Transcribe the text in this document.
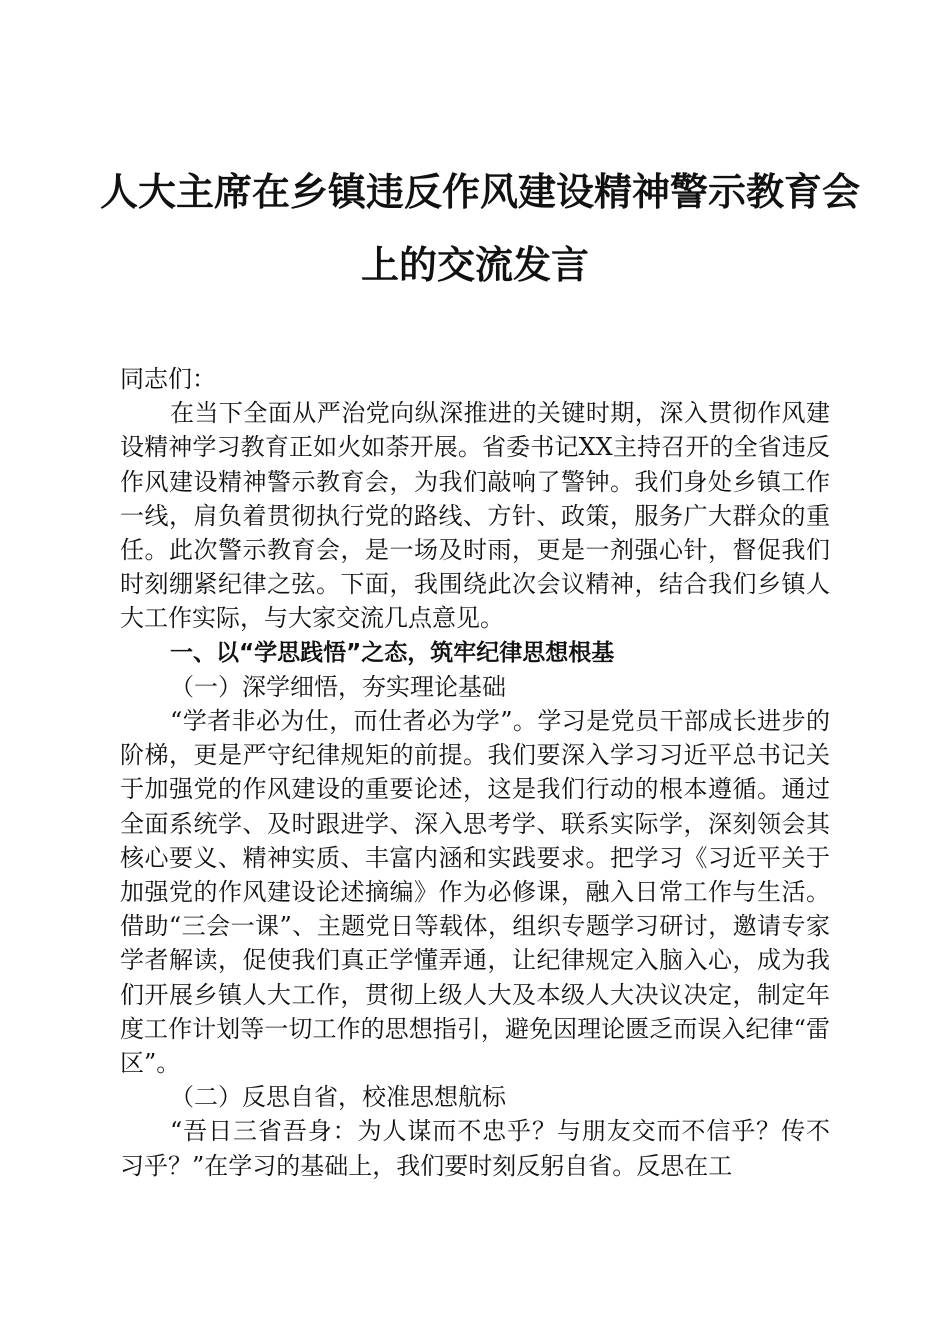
人大主席在乡镇违反作风建设精神警示教育会
上的交流发言

同志们：

在当下全面从严治党向纵深推进的关键时期，深入贯彻作风建设精神学习教育正如火如荼开展。省委书记XX主持召开的全省违反作风建设精神警示教育会，为我们敲响了警钟。我们身处乡镇工作一线，肩负着贯彻执行党的路线、方针、政策，服务广大群众的重任。此次警示教育会，是一场及时雨，更是一剂强心针，督促我们时刻绷紧纪律之弦。下面，我围绕此次会议精神，结合我们乡镇人大工作实际，与大家交流几点意见。

一、以“学思践悟”之态，筑牢纪律思想根基

（一）深学细悟，夯实理论基础

“学者非必为仕，而仕者必为学”。学习是党员干部成长进步的阶梯，更是严守纪律规矩的前提。我们要深入学习习近平总书记关于加强党的作风建设的重要论述，这是我们行动的根本遵循。通过全面系统学、及时跟进学、深入思考学、联系实际学，深刻领会其核心要义、精神实质、丰富内涵和实践要求。把学习《习近平关于加强党的作风建设论述摘编》作为必修课，融入日常工作与生活。借助“三会一课”、主题党日等载体，组织专题学习研讨，邀请专家学者解读，促使我们真正学懂弄通，让纪律规定入脑入心，成为我们开展乡镇人大工作，贯彻上级人大及本级人大决议决定，制定年度工作计划等一切工作的思想指引，避免因理论匮乏而误入纪律“雷区”。

（二）反思自省，校准思想航标

“吾日三省吾身：为人谋而不忠乎？与朋友交而不信乎？传不习乎？”在学习的基础上，我们要时刻反躬自省。反思在工
